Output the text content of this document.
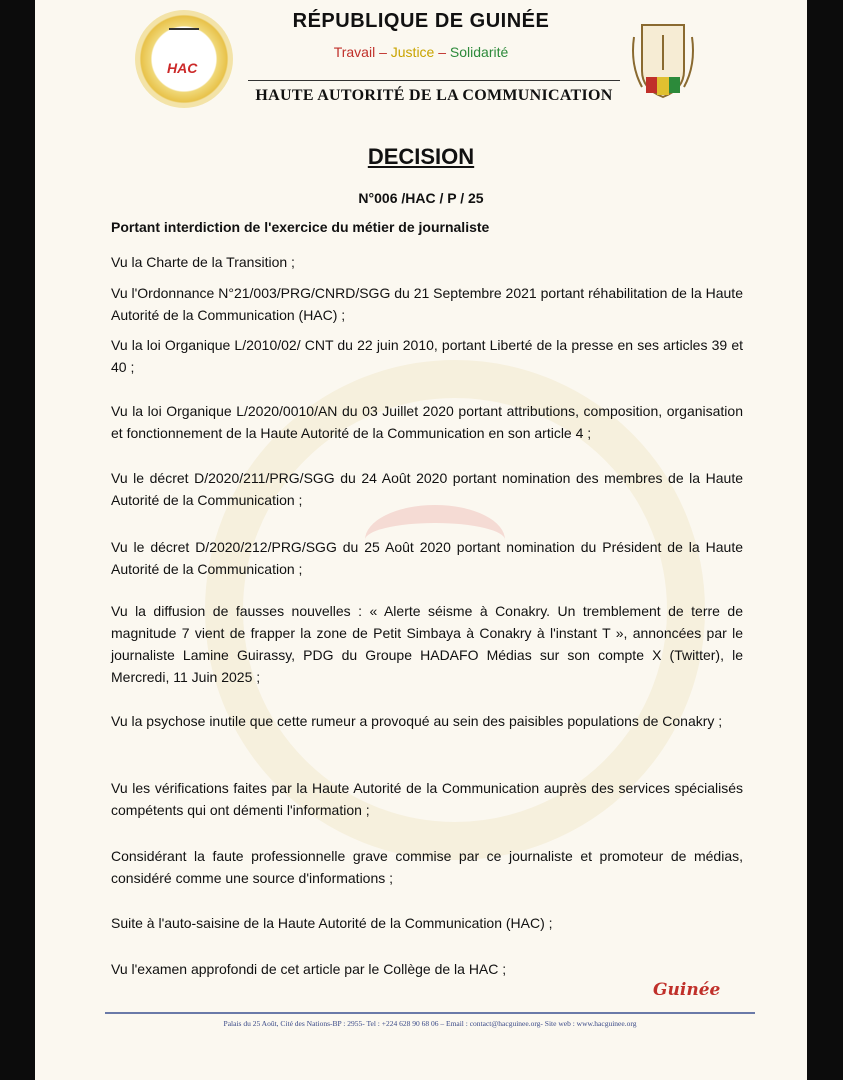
HAC
RÉPUBLIQUE DE GUINÉE
Travail – Justice – Solidarité
HAUTE AUTORITÉ DE LA COMMUNICATION
DECISION
N°006 /HAC / P / 25
Portant interdiction de l'exercice du métier de journaliste
Vu la Charte de la Transition ;
Vu l'Ordonnance N°21/003/PRG/CNRD/SGG du 21 Septembre 2021 portant réhabilitation de la Haute Autorité de la Communication (HAC) ;
Vu la loi Organique L/2010/02/ CNT du 22 juin 2010, portant Liberté de la presse en ses articles 39 et 40 ;
Vu la loi Organique L/2020/0010/AN du 03 Juillet 2020 portant attributions, composition, organisation et fonctionnement de la Haute Autorité de la Communication en son article 4 ;
Vu le décret D/2020/211/PRG/SGG du 24 Août 2020 portant nomination des membres de la Haute Autorité de la Communication ;
Vu le décret D/2020/212/PRG/SGG du 25 Août 2020 portant nomination du Président de la Haute Autorité de la Communication ;
Vu la diffusion de fausses nouvelles : « Alerte séisme à Conakry. Un tremblement de terre de magnitude 7 vient de frapper la zone de Petit Simbaya à Conakry à l'instant T », annoncées par le journaliste Lamine Guirassy, PDG du Groupe HADAFO Médias sur son compte X (Twitter), le Mercredi, 11 Juin 2025 ;
Vu la psychose inutile que cette rumeur a provoqué au sein des paisibles populations de Conakry ;
Vu les vérifications faites par la Haute Autorité de la Communication auprès des services spécialisés compétents qui ont démenti l'information ;
Considérant la faute professionnelle grave commise par ce journaliste et promoteur de médias, considéré comme une source d'informations ;
Suite à l'auto-saisine de la Haute Autorité de la Communication (HAC) ;
Vu l'examen approfondi de cet article par le Collège de la HAC ;
Guinée
Palais du 25 Août, Cité des Nations-BP : 2955- Tel : +224 628 90 68 06 – Email : contact@hacguinee.org- Site web : www.hacguinee.org
